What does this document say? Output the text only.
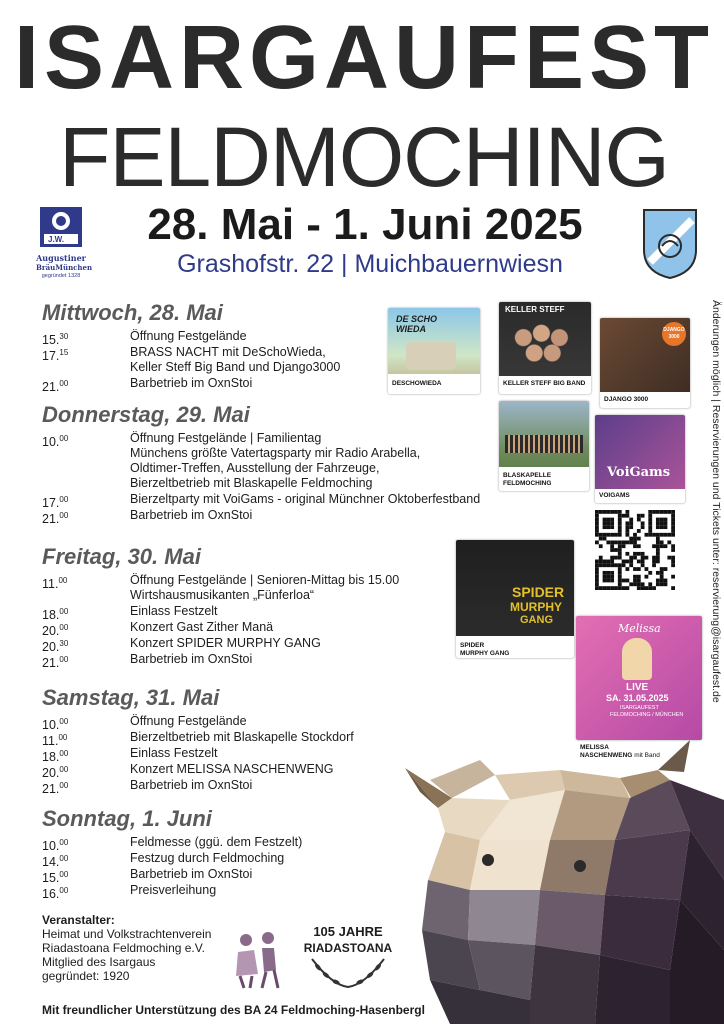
ISARGAUFEST
FELDMOCHING
J.W.
Augustiner
BräuMünchen
gegründet 1328
28. Mai - 1. Juni 2025
Grashofstr. 22 | Muichbauernwiesn
Mittwoch, 28. Mai
15.30	Öffnung Festgelände
17.15	BRASS NACHT mit DeSchoWieda,
Keller Steff Big Band und Django3000
21.00	Barbetrieb im OxnStoi
Donnerstag, 29. Mai
10.00	Öffnung Festgelände | Familientag
Münchens größte Vatertagsparty mir Radio Arabella,
Oldtimer-Treffen, Ausstellung der Fahrzeuge,
Bierzeltbetrieb mit Blaskapelle Feldmoching
17.00	Bierzeltparty mit VoiGams - original Münchner Oktoberfestband
21.00	Barbetrieb im OxnStoi
Freitag, 30. Mai
11.00	Öffnung Festgelände | Senioren-Mittag bis 15.00
Wirtshausmusikanten „Fünferloa“
18.00	Einlass Festzelt
20.00	Konzert Gast Zither Manä
20.30	Konzert SPIDER MURPHY GANG
21.00	Barbetrieb im OxnStoi
Samstag, 31. Mai
10.00	Öffnung Festgelände
11.00	Bierzeltbetrieb mit Blaskapelle Stockdorf
18.00	Einlass Festzelt
20.00	Konzert MELISSA NASCHENWENG
21.00	Barbetrieb im OxnStoi
Sonntag, 1. Juni
10.00	Feldmesse (ggü. dem Festzelt)
14.00	Festzug durch Feldmoching
15.00	Barbetrieb im OxnStoi
16.00	Preisverleihung
DE SCHO WIEDA
DESCHOWIEDA
KELLER STEFF
KELLER STEFF BIG BAND
DJANGO 3000
DJANGO 3000
BLASKAPELLE
FELDMOCHING
VoiGams
VOIGAMS
SPIDER
MURPHY
GANG
SPIDER
MURPHY GANG
Melissa
LIVE
SA. 31.05.2025
ISARGAUFEST
FELDMOCHING / MÜNCHEN
MELISSA
NASCHENWENG mit Band
Änderungen möglich | Reservierungen und Tickets unter: reservierung@isargaufest.de
Veranstalter:
Heimat und Volkstrachtenverein
Riadastoana Feldmoching e.V.
Mitglied des Isargaus
gegründet: 1920
105 JAHRE
RIADASTOANA
Mit freundlicher Unterstützung des BA 24 Feldmoching-Hasenbergl
